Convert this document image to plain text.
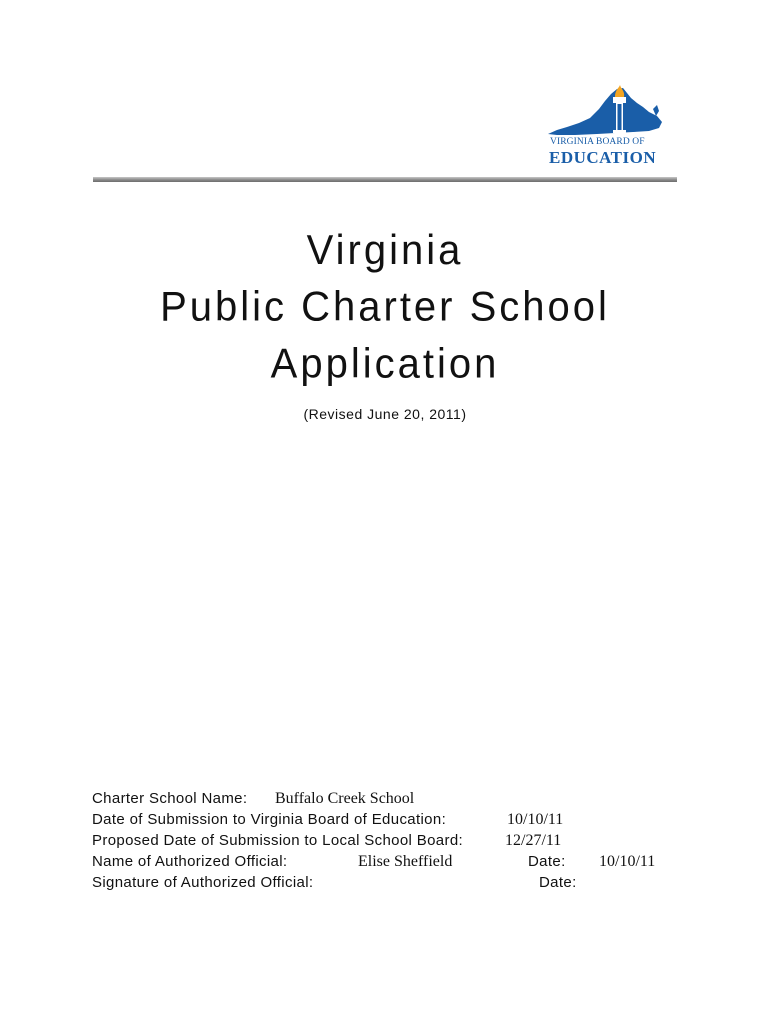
VIRGINIA BOARD OF
EDUCATION
Virginia
Public Charter School
Application
(Revised June 20, 2011)
Charter School Name: Buffalo Creek School
Date of Submission to Virginia Board of Education:	10/10/11
Proposed Date of Submission to Local School Board:	12/27/11
Name of Authorized Official:	Elise Sheffield	Date: 10/10/11
Signature of Authorized Official:	Date:
